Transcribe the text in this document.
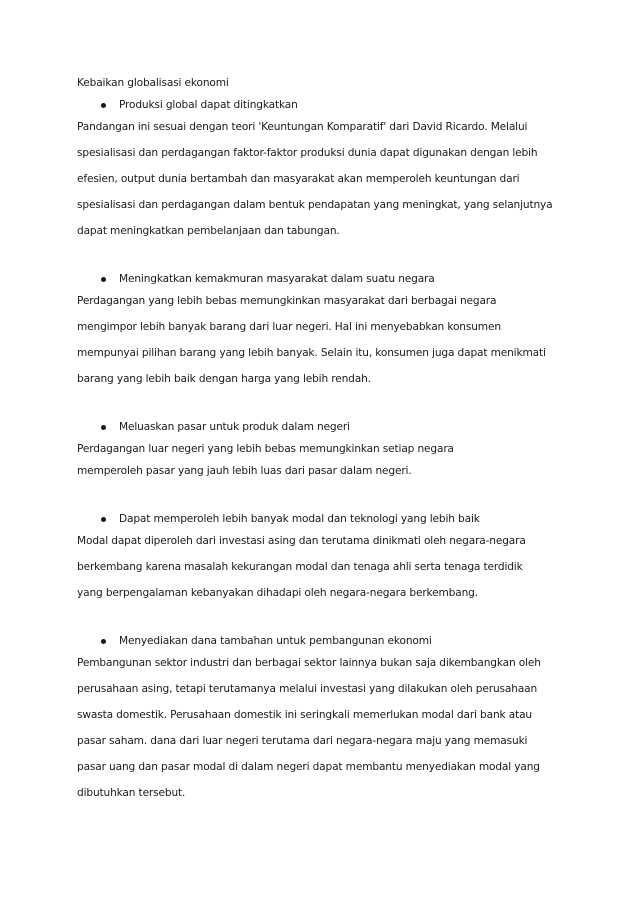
Kebaikan globalisasi ekonomi
Produksi global dapat ditingkatkan
Pandangan ini sesuai dengan teori 'Keuntungan Komparatif' dari David Ricardo. Melalui
spesialisasi dan perdagangan faktor-faktor produksi dunia dapat digunakan dengan lebih
efesien, output dunia bertambah dan masyarakat akan memperoleh keuntungan dari
spesialisasi dan perdagangan dalam bentuk pendapatan yang meningkat, yang selanjutnya
dapat meningkatkan pembelanjaan dan tabungan.
Meningkatkan kemakmuran masyarakat dalam suatu negara
Perdagangan yang lebih bebas memungkinkan masyarakat dari berbagai negara
mengimpor lebih banyak barang dari luar negeri. Hal ini menyebabkan konsumen
mempunyai pilihan barang yang lebih banyak. Selain itu, konsumen juga dapat menikmati
barang yang lebih baik dengan harga yang lebih rendah.
Meluaskan pasar untuk produk dalam negeri
Perdagangan luar negeri yang lebih bebas memungkinkan setiap negara
memperoleh pasar yang jauh lebih luas dari pasar dalam negeri.
Dapat memperoleh lebih banyak modal dan teknologi yang lebih baik
Modal dapat diperoleh dari investasi asing dan terutama dinikmati oleh negara-negara
berkembang karena masalah kekurangan modal dan tenaga ahli serta tenaga terdidik
yang berpengalaman kebanyakan dihadapi oleh negara-negara berkembang.
Menyediakan dana tambahan untuk pembangunan ekonomi
Pembangunan sektor industri dan berbagai sektor lainnya bukan saja dikembangkan oleh
perusahaan asing, tetapi terutamanya melalui investasi yang dilakukan oleh perusahaan
swasta domestik. Perusahaan domestik ini seringkali memerlukan modal dari bank atau
pasar saham. dana dari luar negeri terutama dari negara-negara maju yang memasuki
pasar uang dan pasar modal di dalam negeri dapat membantu menyediakan modal yang
dibutuhkan tersebut.
